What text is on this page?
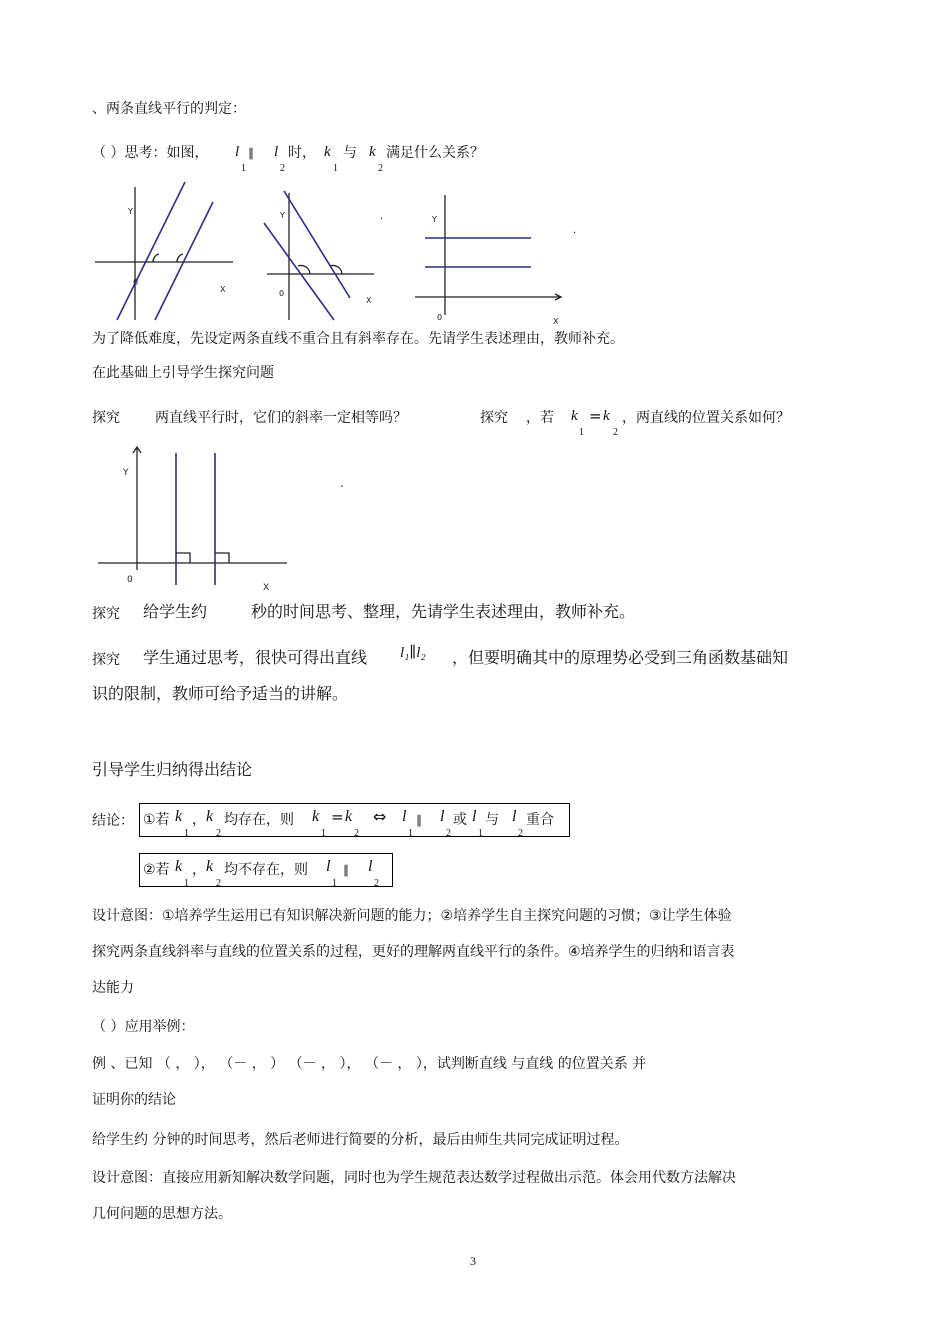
、两条直线平行的判定：
（ ）思考：如图， l
1
∥ l
2
时， k
1
与 k
2
满足什么关系？
Y
0
X
Y
0
X
.	Y
0	X
.
为了降低难度，先设定两条直线不重合且有斜率存在。先请学生表述理由，教师补充。
在此基础上引导学生探究问题
探究	两直线平行时，它们的斜率一定相等吗？	探究 ，若 k
1
= k
2
，两直线的位置关系如何？
Y
0
X
.
探究 给学生约	秒的时间思考、整理，先请学生表述理由，教师补充。
探究 学生通过思考，很快可得出直线 l₁∥l₂ ，但要明确其中的原理势必受到三角函数基础知
识的限制，教师可给予适当的讲解。
引导学生归纳得出结论
结论： ①若 k
1
， k
2
均存在，则 k
1
= k
2
⇔ l
1
∥ l
2
或 l
1
与 l
2
重合
②若 k
1
， k
2
均不存在，则 l
1
∥ l
2
设计意图：①培养学生运用已有知识解决新问题的能力；②培养学生自主探究问题的习惯；③让学生体验
探究两条直线斜率与直线的位置关系的过程，更好的理解两直线平行的条件。④培养学生的归纳和语言表
达能力
（ ）应用举例：
例 、已知 （ ， ）， （－ ， ） （－ ， ）， （－ ， ），试判断直线 与直线 的位置关系 并
证明你的结论
给学生约 分钟的时间思考，然后老师进行简要的分析，最后由师生共同完成证明过程。
设计意图：直接应用新知解决数学问题，同时也为学生规范表达数学过程做出示范。体会用代数方法解决
几何问题的思想方法。
3
